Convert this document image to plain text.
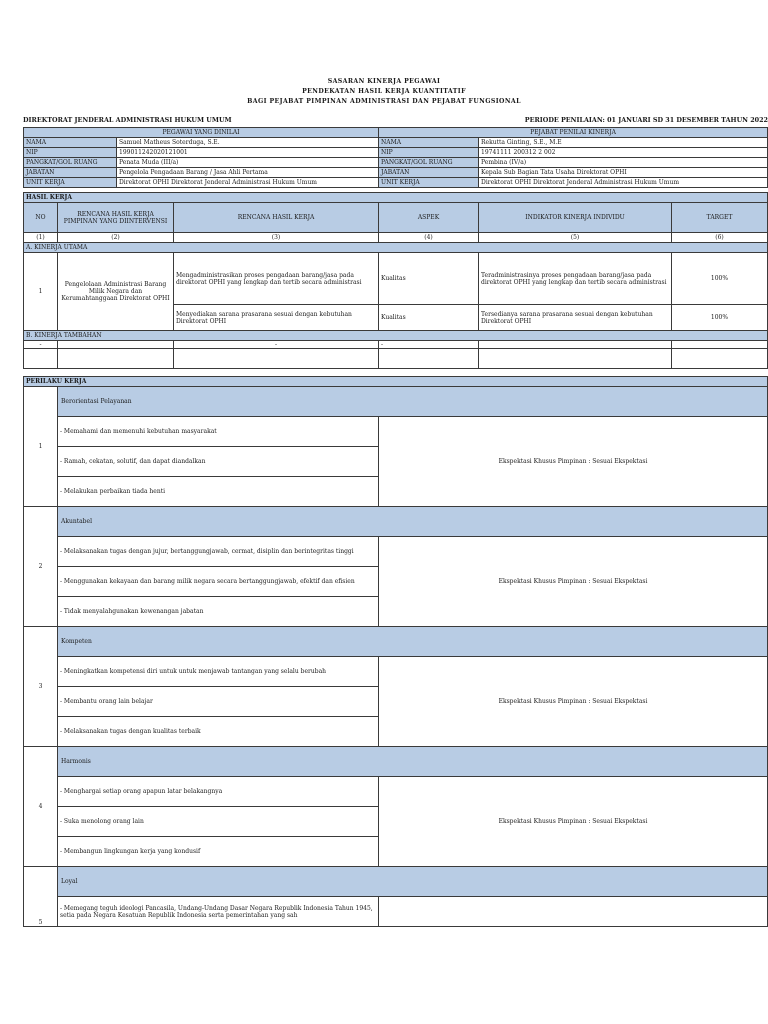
SASARAN KINERJA PEGAWAI
PENDEKATAN HASIL KERJA KUANTITATIF
BAGI PEJABAT PIMPINAN ADMINISTRASI DAN PEJABAT FUNGSIONAL
DIREKTORAT JENDERAL ADMINISTRASI HUKUM UMUM	PERIODE PENILAIAN: 01 JANUARI SD 31 DESEMBER TAHUN 2022
PEGAWAI YANG DINILAI		PEJABAT PENILAI KINERJA	
NAMA	Samuel Matheus Soterduga, S.E.	NAMA	Rekutta Ginting, S.E., M.E
NIP	199011242020121001	NIP	19741111 200312 2 002
PANGKAT/GOL RUANG	Penata Muda (III/a)	PANGKAT/GOL RUANG	Pembina (IV/a)
JABATAN	Pengelola Pengadaan Barang / Jasa Ahli Pertama	JABATAN	Kepala Sub Bagian Tata Usaha Direktorat OPHI
UNIT KERJA	Direktorat OPHI Direktorat Jenderal Administrasi Hukum Umum	UNIT KERJA	Direktorat OPHI Direktorat Jenderal Administrasi Hukum Umum
HASIL KERJA					
NO	RENCANA HASIL KERJA PIMPINAN YANG DIINTERVENSI	RENCANA HASIL KERJA	ASPEK	INDIKATOR KINERJA INDIVIDU	TARGET
(1)	(2)	(3)	(4)	(5)	(6)
A. KINERJA UTAMA					
1	Pengelolaan Administrasi Barang Milik Negara dan Kerumahtanggaan Direktorat OPHI	Mengadministrasikan proses pengadaan barang/jasa pada direktorat OPHI yang lengkap dan tertib secara administrasi	Kualitas	Teradministrasinya proses pengadaan barang/jasa pada direktorat OPHI yang lengkap dan tertib secara administrasi	100%
		Menyediakan sarana prasarana sesuai dengan kebutuhan Direktorat OPHI	Kualitas	Tersedianya sarana prasarana sesuai dengan kebutuhan Direktorat OPHI	100%
B. KINERJA TAMBAHAN					
-		-	-		

PERILAKU KERJA		
1	Berorientasi Pelayanan	
	- Memahami dan memenuhi kebutuhan masyarakat	Ekspektasi Khusus Pimpinan : Sesuai Ekspektasi
	- Ramah, cekatan, solutif, dan dapat diandalkan	
	- Melakukan perbaikan tiada henti	
2	Akuntabel	
	- Melaksanakan tugas dengan jujur, bertanggungjawab, cermat, disiplin dan berintegritas tinggi	Ekspektasi Khusus Pimpinan : Sesuai Ekspektasi
	- Menggunakan kekayaan dan barang milik negara secara bertanggungjawab, efektif dan efisien	
	- Tidak menyalahgunakan kewenangan jabatan	
3	Kompeten	
	- Meningkatkan kompetensi diri untuk untuk menjawab tantangan yang selalu berubah	Ekspektasi Khusus Pimpinan : Sesuai Ekspektasi
	- Membantu orang lain belajar	
	- Melaksanakan tugas dengan kualitas terbaik	
4	Harmonis	
	- Menghargai setiap orang apapun latar belakangnya	Ekspektasi Khusus Pimpinan : Sesuai Ekspektasi
	- Suka menolong orang lain	
	- Membangun lingkungan kerja yang kondusif	
5	Loyal	
	- Memegang teguh ideologi Pancasila, Undang-Undang Dasar Negara Republik Indonesia Tahun 1945, setia pada Negara Kesatuan Republik Indonesia serta pemerintahan yang sah	
